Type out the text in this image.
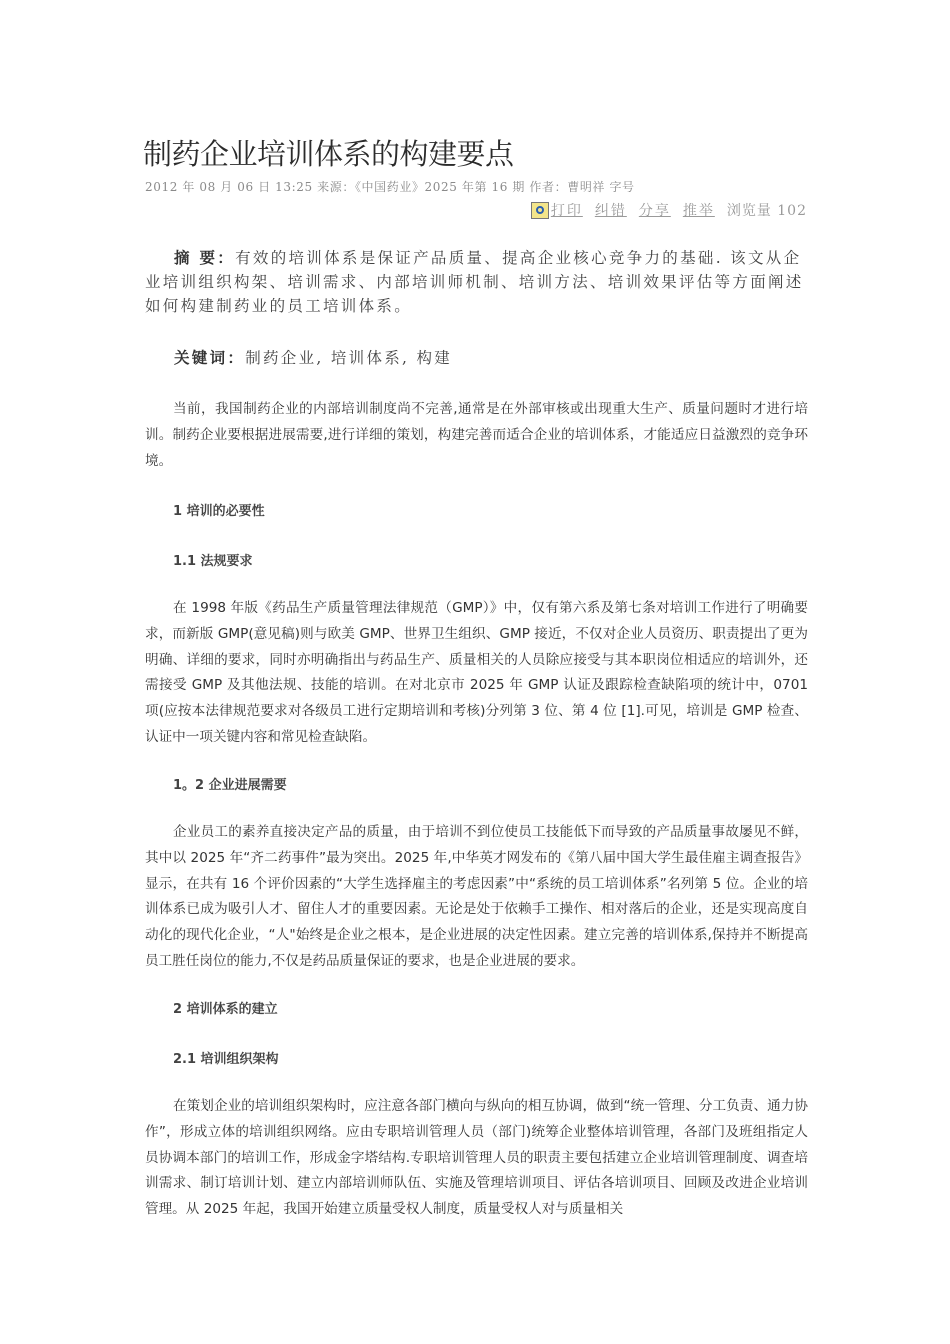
制药企业培训体系的构建要点
2012 年 08 月 06 日 13:25 来源：《中国药业》2025 年第 16 期 作者：曹明祥 字号
打印 纠错 分享 推举 浏览量 102

摘 要：有效的培训体系是保证产品质量、提高企业核心竞争力的基础. 该文从企业培训组织构架、培训需求、内部培训师机制、培训方法、培训效果评估等方面阐述如何构建制药业的员工培训体系。

关键词：制药企业, 培训体系, 构建

当前，我国制药企业的内部培训制度尚不完善,通常是在外部审核或出现重大生产、质量问题时才进行培训。制药企业要根据进展需要,进行详细的策划，构建完善而适合企业的培训体系，才能适应日益激烈的竞争环境。

1 培训的必要性
1.1 法规要求

在 1998 年版《药品生产质量管理法律规范（GMP）》中，仅有第六系及第七条对培训工作进行了明确要求，而新版 GMP(意见稿)则与欧美 GMP、世界卫生组织、GMP 接近，不仅对企业人员资历、职责提出了更为明确、详细的要求，同时亦明确指出与药品生产、质量相关的人员除应接受与其本职岗位相适应的培训外，还需接受 GMP 及其他法规、技能的培训。在对北京市 2025 年 GMP 认证及跟踪检查缺陷项的统计中，0701 项(应按本法律规范要求对各级员工进行定期培训和考核)分列第 3 位、第 4 位 [1].可见，培训是 GMP 检查、认证中一项关键内容和常见检查缺陷。

1。2 企业进展需要

企业员工的素养直接决定产品的质量，由于培训不到位使员工技能低下而导致的产品质量事故屡见不鲜，其中以 2025 年“齐二药事件”最为突出。2025 年,中华英才网发布的《第八届中国大学生最佳雇主调查报告》显示，在共有 16 个评价因素的“大学生选择雇主的考虑因素”中“系统的员工培训体系”名列第 5 位。企业的培训体系已成为吸引人才、留住人才的重要因素。无论是处于依赖手工操作、相对落后的企业，还是实现高度自动化的现代化企业，“人"始终是企业之根本，是企业进展的决定性因素。建立完善的培训体系,保持并不断提高员工胜任岗位的能力,不仅是药品质量保证的要求，也是企业进展的要求。

2 培训体系的建立
2.1 培训组织架构

在策划企业的培训组织架构时，应注意各部门横向与纵向的相互协调，做到“统一管理、分工负责、通力协作”，形成立体的培训组织网络。应由专职培训管理人员（部门)统筹企业整体培训管理，各部门及班组指定人员协调本部门的培训工作，形成金字塔结构.专职培训管理人员的职责主要包括建立企业培训管理制度、调查培训需求、制订培训计划、建立内部培训师队伍、实施及管理培训项目、评估各培训项目、回顾及改进企业培训管理。从 2025 年起，我国开始建立质量受权人制度，质量受权人对与质量相关
